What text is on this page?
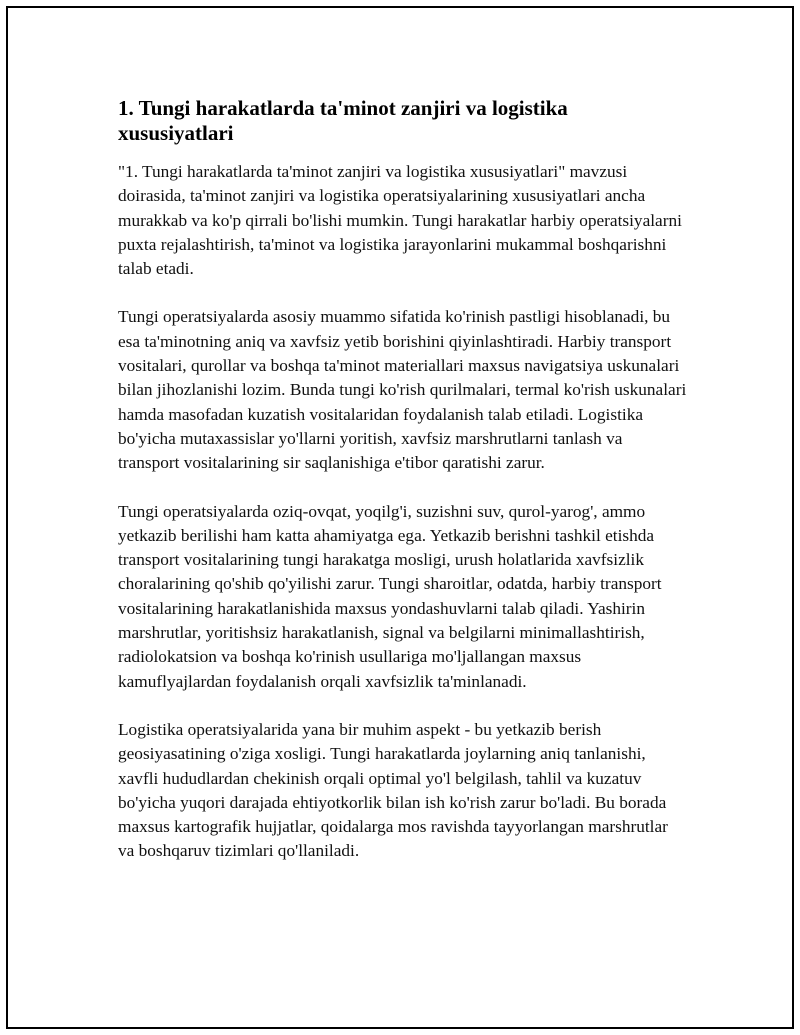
1. Tungi harakatlarda ta'minot zanjiri va logistika xususiyatlari

"1. Tungi harakatlarda ta'minot zanjiri va logistika xususiyatlari" mavzusi doirasida, ta'minot zanjiri va logistika operatsiyalarining xususiyatlari ancha murakkab va ko'p qirrali bo'lishi mumkin. Tungi harakatlar harbiy operatsiyalarni puxta rejalashtirish, ta'minot va logistika jarayonlarini mukammal boshqarishni talab etadi.

Tungi operatsiyalarda asosiy muammo sifatida ko'rinish pastligi hisoblanadi, bu esa ta'minotning aniq va xavfsiz yetib borishini qiyinlashtiradi. Harbiy transport vositalari, qurollar va boshqa ta'minot materiallari maxsus navigatsiya uskunalari bilan jihozlanishi lozim. Bunda tungi ko'rish qurilmalari, termal ko'rish uskunalari hamda masofadan kuzatish vositalaridan foydalanish talab etiladi. Logistika bo'yicha mutaxassislar yo'llarni yoritish, xavfsiz marshrutlarni tanlash va transport vositalarining sir saqlanishiga e'tibor qaratishi zarur.

Tungi operatsiyalarda oziq-ovqat, yoqilg'i, suzishni suv, qurol-yarog', ammo yetkazib berilishi ham katta ahamiyatga ega. Yetkazib berishni tashkil etishda transport vositalarining tungi harakatga mosligi, urush holatlarida xavfsizlik choralarining qo'shib qo'yilishi zarur. Tungi sharoitlar, odatda, harbiy transport vositalarining harakatlanishida maxsus yondashuvlarni talab qiladi. Yashirin marshrutlar, yoritishsiz harakatlanish, signal va belgilarni minimallashtirish, radiolokatsion va boshqa ko'rinish usullariga mo'ljallangan maxsus kamuflyajlardan foydalanish orqali xavfsizlik ta'minlanadi.

Logistika operatsiyalarida yana bir muhim aspekt - bu yetkazib berish geosiyasatining o'ziga xosligi. Tungi harakatlarda joylarning aniq tanlanishi, xavfli hududlardan chekinish orqali optimal yo'l belgilash, tahlil va kuzatuv bo'yicha yuqori darajada ehtiyotkorlik bilan ish ko'rish zarur bo'ladi. Bu borada maxsus kartografik hujjatlar, qoidalarga mos ravishda tayyorlangan marshrutlar va boshqaruv tizimlari qo'llaniladi.
